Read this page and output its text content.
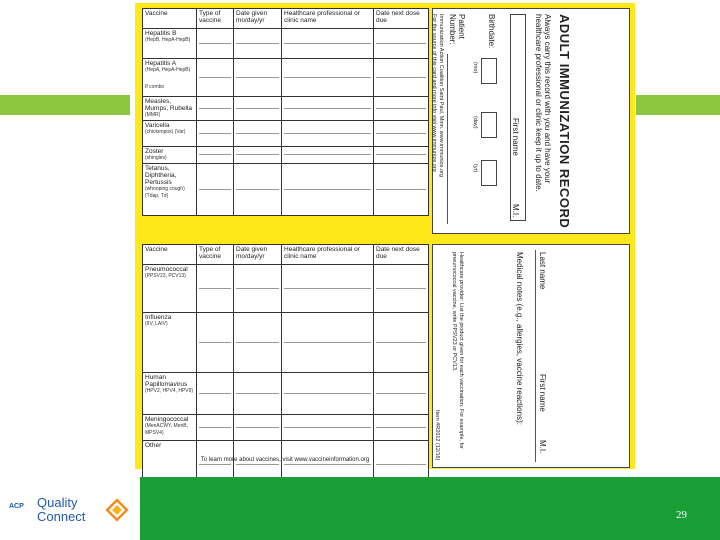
Vaccine	Type of vaccine	Date given mo/day/yr	Healthcare professional or clinic name	Date next dose due

Hepatitis B
(HepB, HepA-HepB)				

Hepatitis A
(HepA, HepA-HepB)
If combo				

Measles, Mumps, Rubella
(MMR)				

Varicella
(chickenpox) (Var)				

Zoster
(shingles)				

Tetanus, Diphtheria, Pertussis
(whooping cough) (Tdap, Td)				

Vaccine	Type of vaccine	Date given mo/day/yr	Healthcare professional or clinic name	Date next dose due

Pneumococcal
(PPSV23, PCV13)				

Influenza
(IIV, LAIV)				

Human Papillomavirus
(HPV2, HPV4, HPV9)				

Meningococcal
(MenACWY, MenB, MPSV4)				

Other				

To learn more about vaccines, visit www.vaccineinformation.org
ADULT IMMUNIZATION RECORD
Always carry this record with you and have your healthcare professional or clinic keep it up to date.
First name
M.I.
Birthdate:
(mo)
(day)
(yr)
Patient Number:
Immunization Action Coalition Saint Paul, Minn. www.immunize.org
For the source of this card and more info visit www.immunize.org
Last name
First name
M.I.
Medical notes (e.g., allergies, vaccine reactions):
Healthcare provider: List the product given for each vaccination. For example, for pneumococcal vaccine, write PPSV23 or PCV13.
Item #R2012 (12/16)
29
ACP Quality
Connect
